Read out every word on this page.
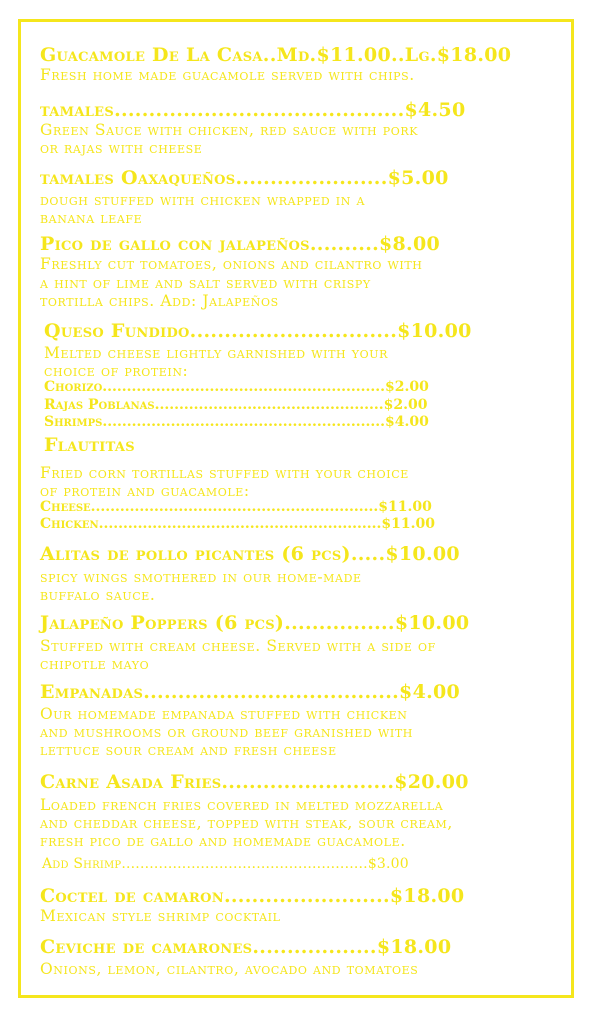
Guacamole De La Casa..Md.$11.00..Lg.$18.00

Fresh home made guacamole served with chips.

tamales..........................................$4.50

Green Sauce with chicken, red sauce with pork

or rajas with cheese

tamales Oaxaqueños......................$5.00

dough stuffed with chicken wrapped in a

banana leafe

Pico de gallo con jalapeños..........$8.00

Freshly cut tomatoes, onions and cilantro with

a hint of lime and salt served with crispy

tortilla chips. Add: Jalapeños

Queso Fundido..............................$10.00

Melted cheese lightly garnished with your

choice of protein:

Chorizo..........................................................$2.00

Rajas Poblanas...............................................$2.00

Shrimps..........................................................$4.00

Flautitas

Fried corn tortillas stuffed with your choice

of protein and guacamole:

Cheese...........................................................$11.00

Chicken..........................................................$11.00

Alitas de pollo picantes (6 pcs).....$10.00

spicy wings smothered in our home-made

buffalo sauce.

Jalapeño Poppers (6 pcs)................$10.00

Stuffed with cream cheese. Served with a side of

chipotle mayo

Empanadas.....................................$4.00

Our homemade empanada stuffed with chicken

and mushrooms or ground beef granished with

lettuce sour cream and fresh cheese

Carne Asada Fries.........................$20.00

Loaded french fries covered in melted mozzarella

and cheddar cheese, topped with steak, sour cream,

fresh pico de gallo and homemade guacamole.

Add Shrimp.....................................................$3.00

Coctel de camaron........................$18.00

Mexican style shrimp cocktail

Ceviche de camarones..................$18.00

Onions, lemon, cilantro, avocado and tomatoes
